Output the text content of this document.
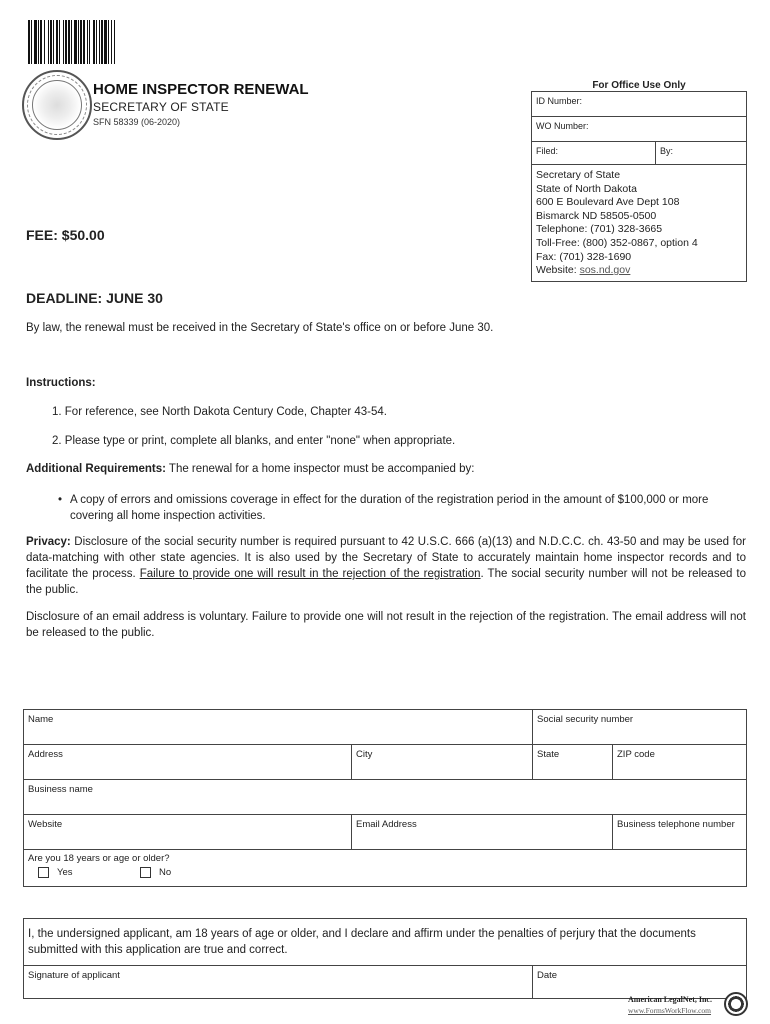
HOME INSPECTOR RENEWAL
SECRETARY OF STATE
SFN 58339 (06-2020)
For Office Use Only
ID Number:
WO Number:
Filed:	By:
Secretary of State
State of North Dakota
600 E Boulevard Ave Dept 108
Bismarck ND 58505-0500
Telephone: (701) 328-3665
Toll-Free: (800) 352-0867, option 4
Fax: (701) 328-1690
Website: sos.nd.gov
FEE: $50.00
DEADLINE: JUNE 30
By law, the renewal must be received in the Secretary of State's office on or before June 30.
Instructions:
1. For reference, see North Dakota Century Code, Chapter 43-54.
2. Please type or print, complete all blanks, and enter "none" when appropriate.
Additional Requirements: The renewal for a home inspector must be accompanied by:
• A copy of errors and omissions coverage in effect for the duration of the registration period in the amount of $100,000 or more covering all home inspection activities.
Privacy: Disclosure of the social security number is required pursuant to 42 U.S.C. 666 (a)(13) and N.D.C.C. ch. 43-50 and may be used for data-matching with other state agencies. It is also used by the Secretary of State to accurately maintain home inspector records and to facilitate the process. Failure to provide one will result in the rejection of the registration. The social security number will not be released to the public.
Disclosure of an email address is voluntary. Failure to provide one will not result in the rejection of the registration. The email address will not be released to the public.
Name	Social security number
Address	City	State	ZIP code
Business name
Website	Email Address	Business telephone number
Are you 18 years or age or older?
Yes	No
I, the undersigned applicant, am 18 years of age or older, and I declare and affirm under the penalties of perjury that the documents submitted with this application are true and correct.
Signature of applicant	Date
American LegalNet, Inc.
www.FormsWorkFlow.com
